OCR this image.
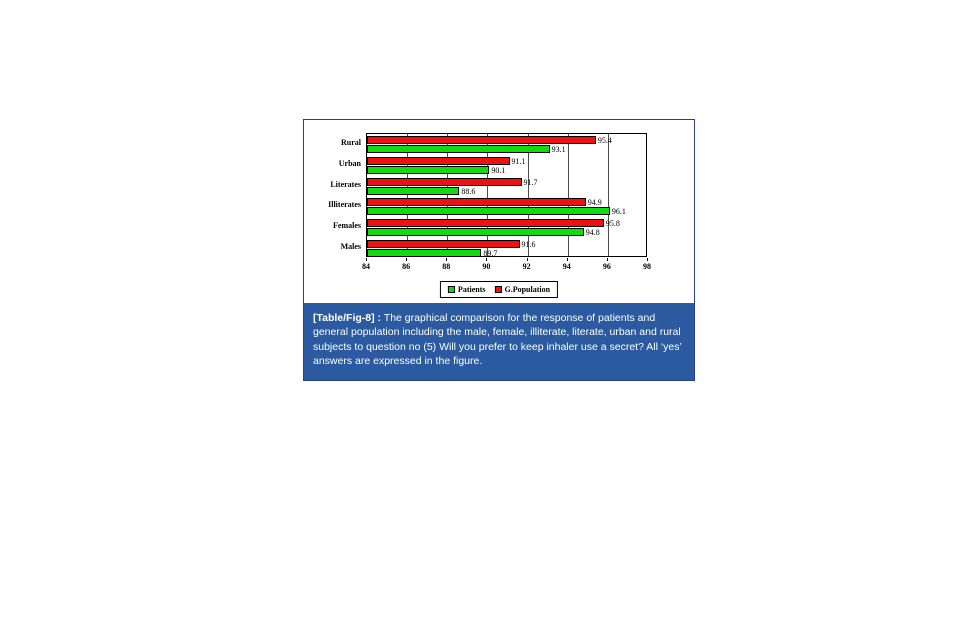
95.4
93.1
91.1
90.1
91.7
88.6
94.9
96.1
95.8
94.8
91.6
89.7
Rural
Urban
Literates
Illiterates
Females
Males
84	86	88	90	92	94	96	98
Patients G.Population
[Table/Fig-8] : The graphical comparison for the response of patients and general population including the male, female, illiterate, literate, urban and rural subjects to question no (5) Will you prefer to keep inhaler use a secret? All ‘yes’ answers are expressed in the figure.
